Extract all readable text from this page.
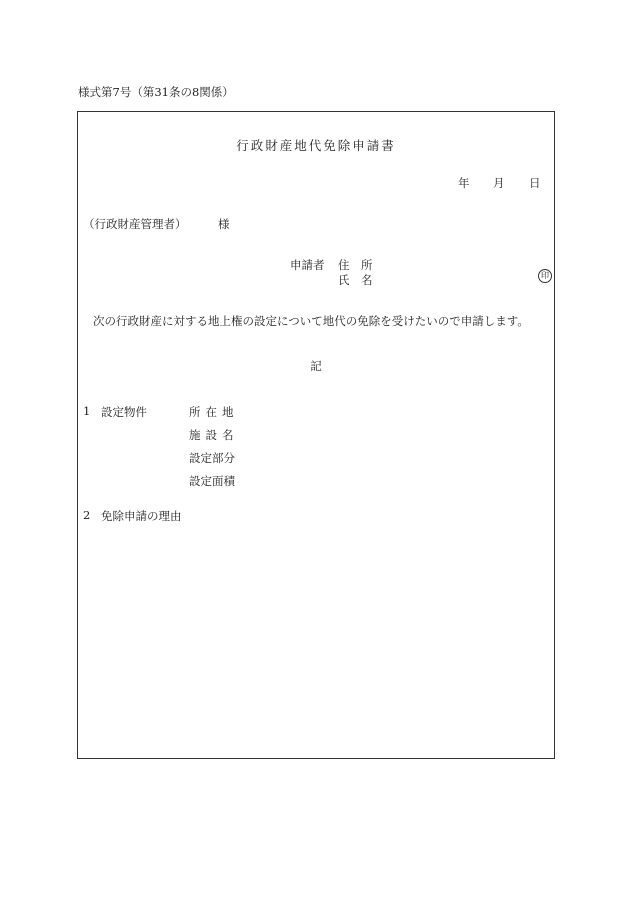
様式第7号（第31条の8関係）
行政財産地代免除申請書
年 月 日
（行政財産管理者）	様
申請者 住　所
氏　名	印
次の行政財産に対する地上権の設定について地代の免除を受けたいので申請します。
記
1 設定物件	所在地
施設名
設定部分
設定面積
2 免除申請の理由
